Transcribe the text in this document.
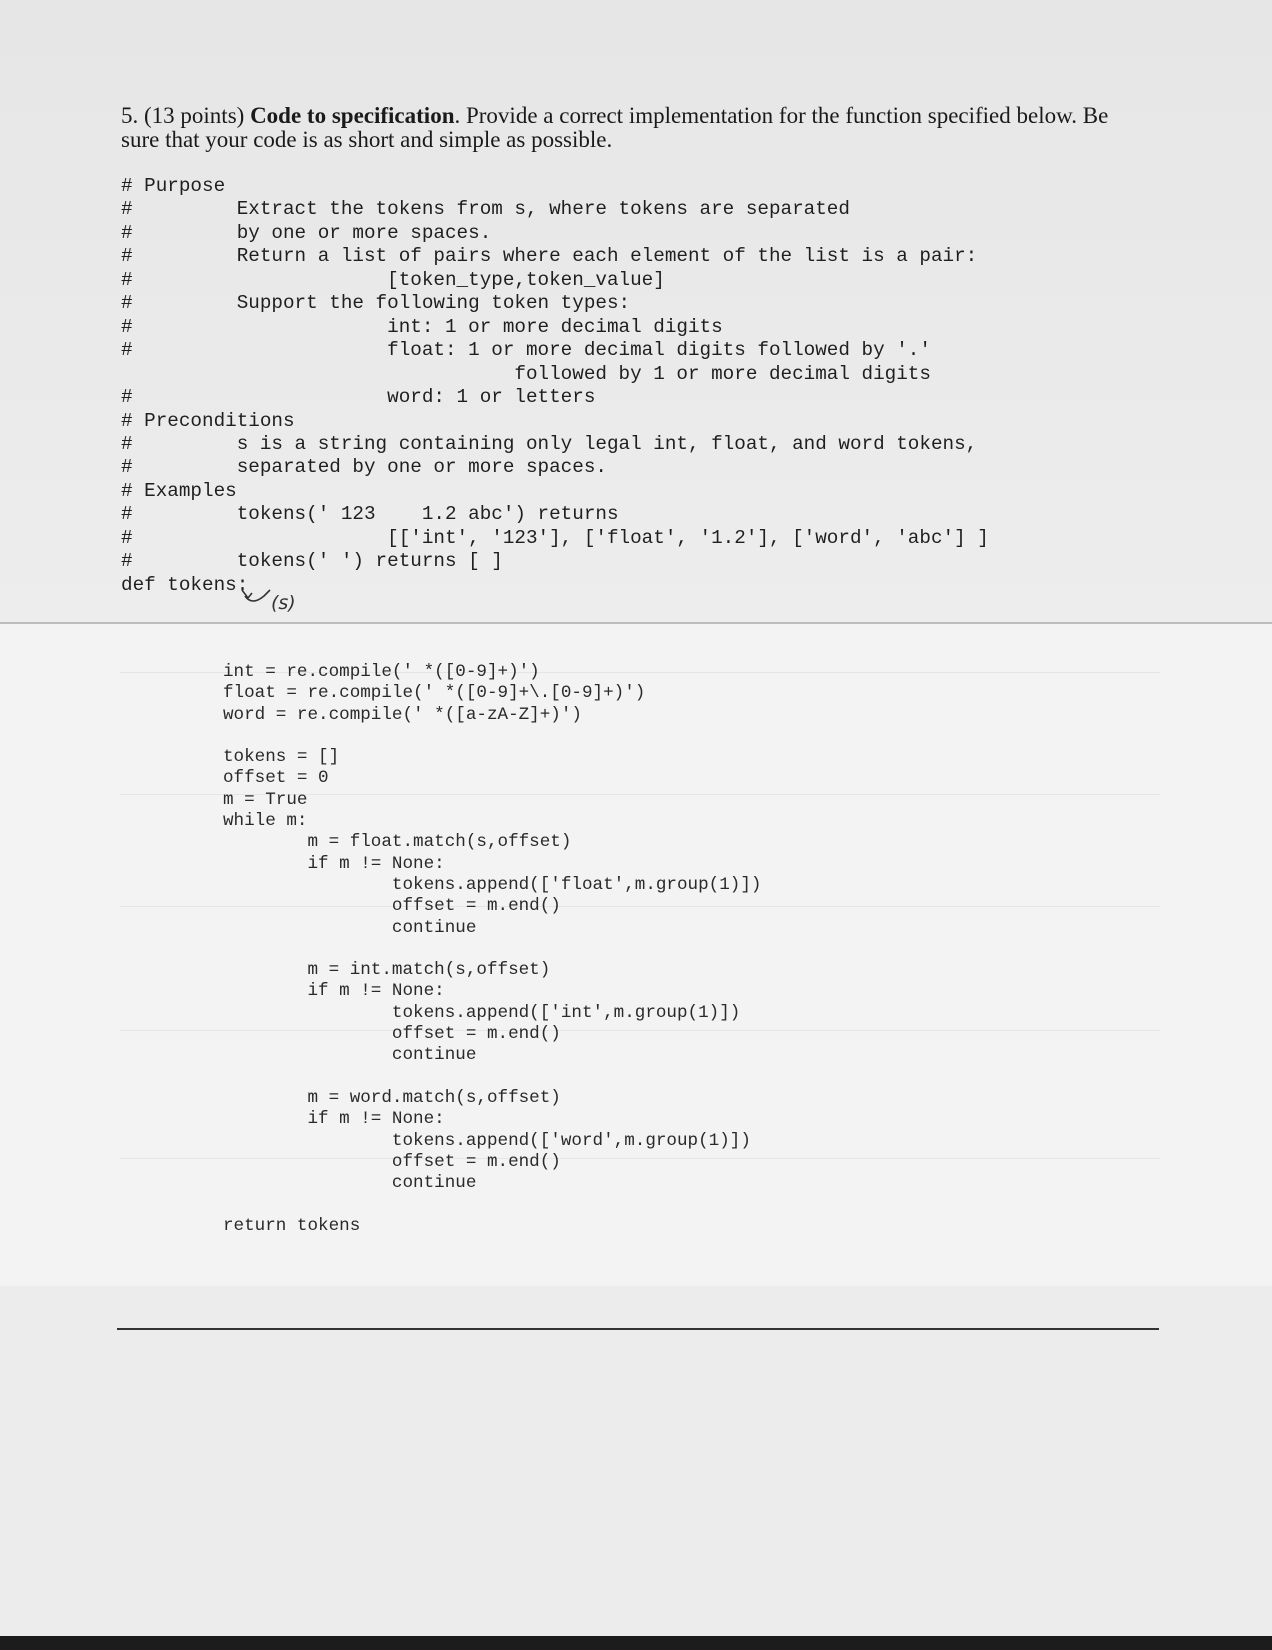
5. (13 points) Code to specification. Provide a correct implementation for the function specified below. Be sure that your code is as short and simple as possible.

# Purpose
#         Extract the tokens from s, where tokens are separated
#         by one or more spaces.
#         Return a list of pairs where each element of the list is a pair:
#                      [token_type,token_value]
#         Support the following token types:
#                      int: 1 or more decimal digits
#                      float: 1 or more decimal digits followed by '.'
followed by 1 or more decimal digits
#                      word: 1 or letters
# Preconditions
#         s is a string containing only legal int, float, and word tokens,
#         separated by one or more spaces.
# Examples
#         tokens(' 123    1.2 abc') returns
#                      [['int', '123'], ['float', '1.2'], ['word', 'abc'] ]
#         tokens(' ') returns [ ]
def tokens:
(s)
int = re.compile(' *([0-9]+)')
float = re.compile(' *([0-9]+\.[0-9]+)')
word = re.compile(' *([a-zA-Z]+)')

tokens = []
offset = 0
m = True
while m:
m = float.match(s,offset)
if m != None:
tokens.append(['float',m.group(1)])
offset = m.end()
continue

m = int.match(s,offset)
if m != None:
tokens.append(['int',m.group(1)])
offset = m.end()
continue

m = word.match(s,offset)
if m != None:
tokens.append(['word',m.group(1)])
offset = m.end()
continue

return tokens
